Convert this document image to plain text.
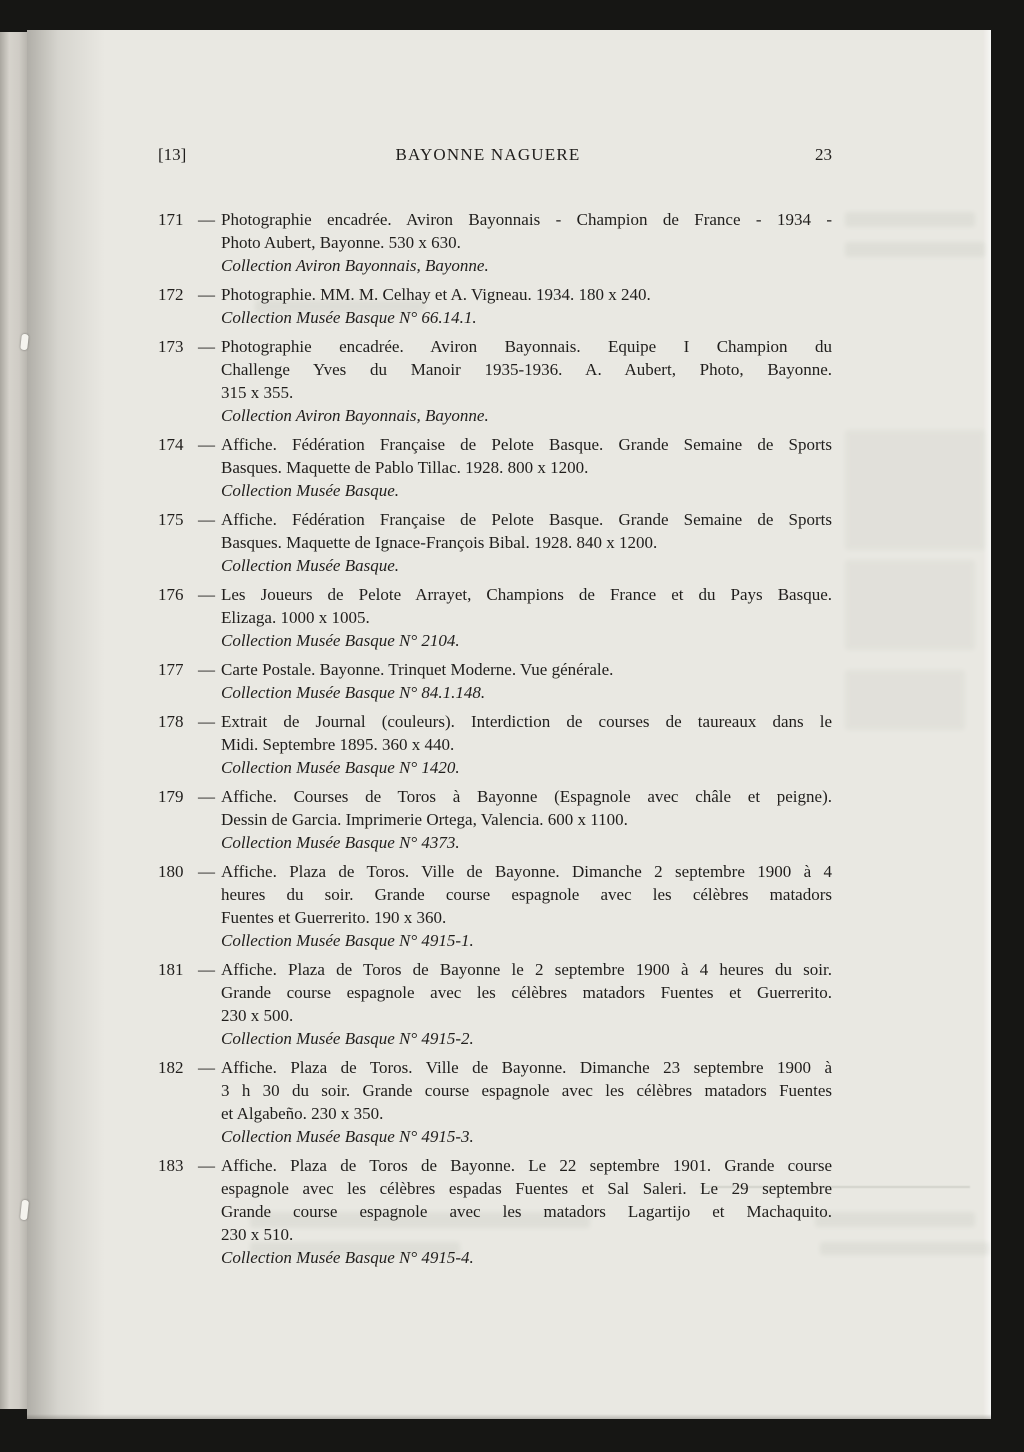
[13]	BAYONNE NAGUERE	23
171 — Photographie encadrée. Aviron Bayonnais - Champion de France - 1934 -
Photo Aubert, Bayonne. 530 x 630.
Collection Aviron Bayonnais, Bayonne.
172 — Photographie. MM. M. Celhay et A. Vigneau. 1934. 180 x 240.
Collection Musée Basque N° 66.14.1.
173 — Photographie encadrée. Aviron Bayonnais. Equipe I Champion du
Challenge Yves du Manoir 1935-1936. A. Aubert, Photo, Bayonne.
315 x 355.
Collection Aviron Bayonnais, Bayonne.
174 — Affiche. Fédération Française de Pelote Basque. Grande Semaine de Sports
Basques. Maquette de Pablo Tillac. 1928. 800 x 1200.
Collection Musée Basque.
175 — Affiche. Fédération Française de Pelote Basque. Grande Semaine de Sports
Basques. Maquette de Ignace-François Bibal. 1928. 840 x 1200.
Collection Musée Basque.
176 — Les Joueurs de Pelote Arrayet, Champions de France et du Pays Basque.
Elizaga. 1000 x 1005.
Collection Musée Basque N° 2104.
177 — Carte Postale. Bayonne. Trinquet Moderne. Vue générale.
Collection Musée Basque N° 84.1.148.
178 — Extrait de Journal (couleurs). Interdiction de courses de taureaux dans le
Midi. Septembre 1895. 360 x 440.
Collection Musée Basque N° 1420.
179 — Affiche. Courses de Toros à Bayonne (Espagnole avec châle et peigne).
Dessin de Garcia. Imprimerie Ortega, Valencia. 600 x 1100.
Collection Musée Basque N° 4373.
180 — Affiche. Plaza de Toros. Ville de Bayonne. Dimanche 2 septembre 1900 à 4
heures du soir. Grande course espagnole avec les célèbres matadors
Fuentes et Guerrerito. 190 x 360.
Collection Musée Basque N° 4915-1.
181 — Affiche. Plaza de Toros de Bayonne le 2 septembre 1900 à 4 heures du soir.
Grande course espagnole avec les célèbres matadors Fuentes et Guerrerito.
230 x 500.
Collection Musée Basque N° 4915-2.
182 — Affiche. Plaza de Toros. Ville de Bayonne. Dimanche 23 septembre 1900 à
3 h 30 du soir. Grande course espagnole avec les célèbres matadors Fuentes
et Algabeño. 230 x 350.
Collection Musée Basque N° 4915-3.
183 — Affiche. Plaza de Toros de Bayonne. Le 22 septembre 1901. Grande course
espagnole avec les célèbres espadas Fuentes et Sal Saleri. Le 29 septembre
Grande course espagnole avec les matadors Lagartijo et Machaquito.
230 x 510.
Collection Musée Basque N° 4915-4.
